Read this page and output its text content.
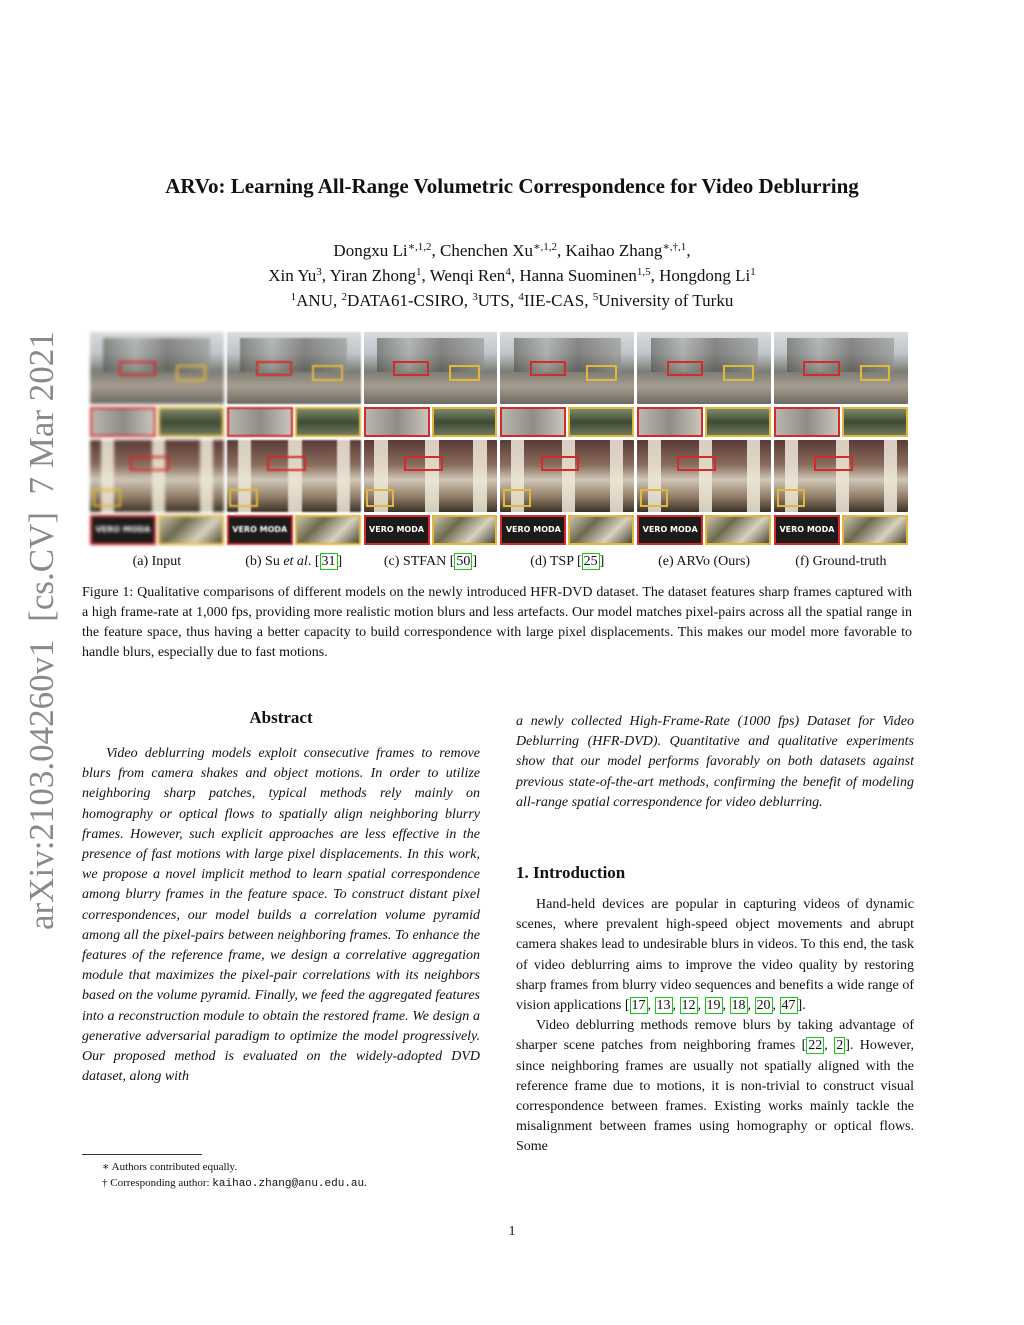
arXiv:2103.04260v1  [cs.CV]  7 Mar 2021
ARVo: Learning All-Range Volumetric Correspondence for Video Deblurring
Dongxu $Li^{∗,1,2}$, Chenchen $Xu^{∗,1,2}$, Kaihao Zhang$^{∗,\dagger,1}$,
Xin Yu$^3$, Yiran Zhong$^1$, Wenqi Ren$^4$, Hanna Suominen$^{1,5}$, Hongdong Li$^1$
$^1$ANU, $^2$DATA61-CSIRO, $^3$UTS, $^4$IIE-CAS, $^5$University of Turku
VERO MODA	VERO MODA	VERO MODA	VERO MODA	VERO MODA	VERO MODA
(a) Input	(b) Su et al. [ 31 ]	(c) STFAN [ 50 ]	(d) TSP [ 25 ]	(e) ARVo (Ours)	(f) Ground-truth
Figure 1: Qualitative comparisons of different models on the newly introduced HFR-DVD dataset. The dataset features sharp frames captured with a high frame-rate at 1,000 fps, providing more realistic motion blurs and less artefacts. Our model matches pixel-pairs across all the spatial range in the feature space, thus having a better capacity to build correspondence with large pixel displacements. This makes our model more favorable to handle blurs, especially due to fast motions.
Abstract

Video deblurring models exploit consecutive frames to remove blurs from camera shakes and object motions. In order to utilize neighboring sharp patches, typical methods rely mainly on homography or optical flows to spatially align neighboring blurry frames. However, such explicit approaches are less effective in the presence of fast motions with large pixel displacements. In this work, we propose a novel implicit method to learn spatial correspondence among blurry frames in the feature space. To construct distant pixel correspondences, our model builds a correlation volume pyramid among all the pixel-pairs between neighboring frames. To enhance the features of the reference frame, we design a correlative aggregation module that maximizes the pixel-pair correlations with its neighbors based on the volume pyramid. Finally, we feed the aggregated features into a reconstruction module to obtain the restored frame. We design a generative adversarial paradigm to optimize the model progressively. Our proposed method is evaluated on the widely-adopted DVD dataset, along with

a newly collected High-Frame-Rate (1000 fps) Dataset for Video Deblurring (HFR-DVD). Quantitative and qualitative experiments show that our model performs favorably on both datasets against previous state-of-the-art methods, confirming the benefit of modeling all-range spatial correspondence for video deblurring.

1. Introduction

Hand-held devices are popular in capturing videos of dynamic scenes, where prevalent high-speed object movements and abrupt camera shakes lead to undesirable blurs in videos. To this end, the task of video deblurring aims to improve the video quality by restoring sharp frames from blurry video sequences and benefits a wide range of vision applications [ 17 , 13 , 12 , 19 , 18 , 20 , 47 ].

Video deblurring methods remove blurs by taking advantage of sharper scene patches from neighboring frames [ 22 , 2 ]. However, since neighboring frames are usually not spatially aligned with the reference frame due to motions, it is non-trivial to construct visual correspondence between frames. Existing works mainly tackle the misalignment between frames using homography or optical flows. Some

∗ Authors contributed equally.
† Corresponding author: kaihao.zhang@anu.edu.au.
1
